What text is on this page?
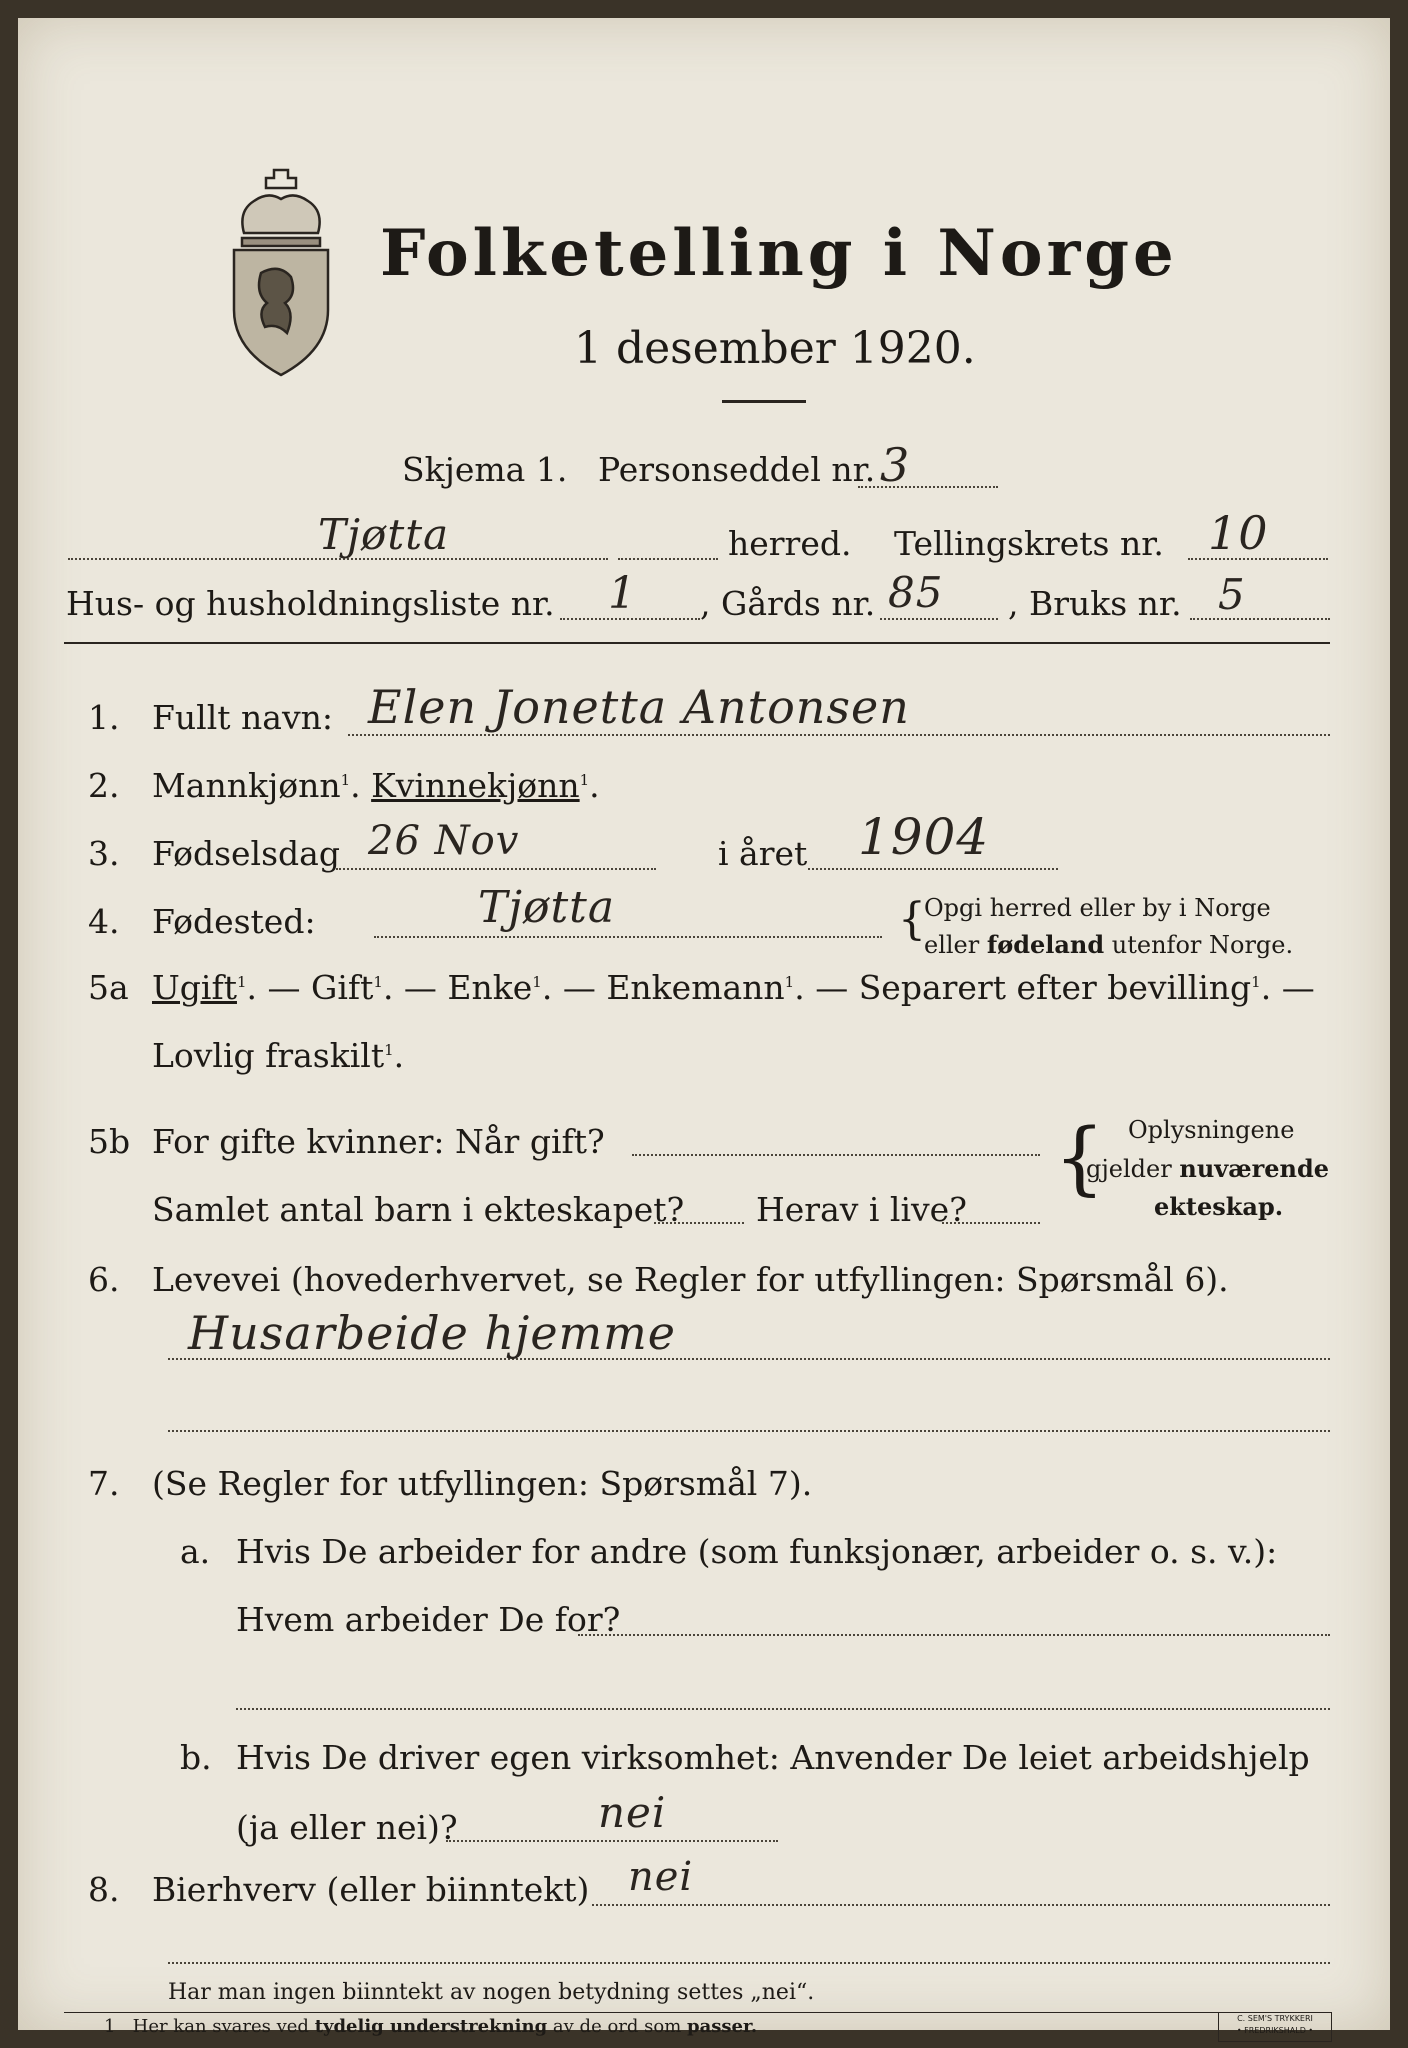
Folketelling i Norge
1 desember 1920.
Skjema 1. Personseddel nr. 3
Tjøtta	herred. Tellingskrets nr. 10
Hus- og husholdningsliste nr. 1 , Gårds nr. 85 , Bruks nr. 5
1. Fullt navn: Elen Jonetta Antonsen
2. Mannkjønn$^1$. Kvinnekjønn$^1$.
3. Fødselsdag 26 Nov	i året 1904
4. Fødested:	Tjøtta	{
Opgi herred eller by i Norge
eller fødeland utenfor Norge.
5a Ugift$^1$. — Gift$^1$. — Enke$^1$. — Enkemann$^1$. — Separert efter bevilling$^1$. —
Lovlig fraskilt$^1$.
5b For gifte kvinner: Når gift?
Samlet antal barn i ekteskapet? Herav i live?
{ Oplysningene
gjelder nuværende
ekteskap.
6. Levevei (hovederhvervet, se Regler for utfyllingen: Spørsmål 6).
Husarbeide hjemme
7. (Se Regler for utfyllingen: Spørsmål 7).
a. Hvis De arbeider for andre (som funksjonær, arbeider o. s. v.):
Hvem arbeider De for?
b. Hvis De driver egen virksomhet: Anvender De leiet arbeidshjelp
(ja eller nei)?	nei
8. Bierhverv (eller biinntekt) nei
Har man ingen biinntekt av nogen betydning settes „nei“.
1 Her kan svares ved tydelig understrekning av de ord som passer.	C. SEM'S TRYKKERI
• FREDRIKSHALD •
